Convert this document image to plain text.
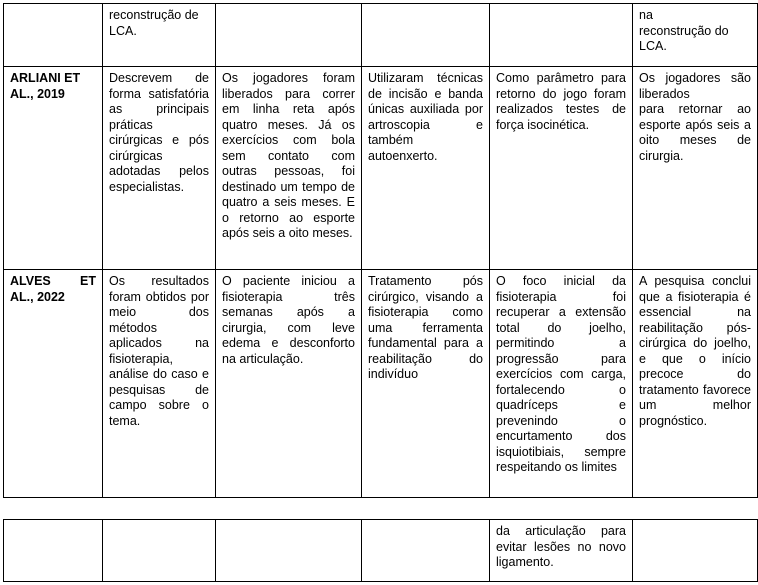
	reconstrução de LCA.				na
reconstrução do
LCA.
ARLIANI ET AL., 2019	Descrevem de forma satisfatória as principais práticas cirúrgicas e pós cirúrgicas adotadas pelos especialistas.	Os jogadores foram liberados para correr em linha reta após quatro meses. Já os exercícios com bola sem contato com outras pessoas, foi destinado um tempo de quatro a seis meses. E o retorno ao esporte após seis a oito meses.	Utilizaram técnicas de incisão e banda únicas auxiliada por artroscopia e também autoenxerto.	Como parâmetro para retorno do jogo foram realizados testes de força isocinética.	Os jogadores são liberados
para retornar ao esporte após seis a oito meses de cirurgia.
ALVES ET AL., 2022	Os resultados foram obtidos por meio dos métodos aplicados na fisioterapia, análise do caso e pesquisas de campo sobre o tema.	O paciente iniciou a fisioterapia três semanas após a cirurgia, com leve edema e desconforto na articulação.	Tratamento pós cirúrgico, visando a fisioterapia como uma ferramenta fundamental para a reabilitação do indivíduo	O foco inicial da fisioterapia foi recuperar a extensão total do joelho, permitindo a progressão para exercícios com carga, fortalecendo o quadríceps e prevenindo o encurtamento dos isquiotibiais, sempre respeitando os limites	A pesquisa conclui que a fisioterapia é essencial na reabilitação pós-cirúrgica do joelho, e que o início precoce do tratamento favorece um melhor prognóstico.
				da articulação para evitar lesões no novo ligamento.	
